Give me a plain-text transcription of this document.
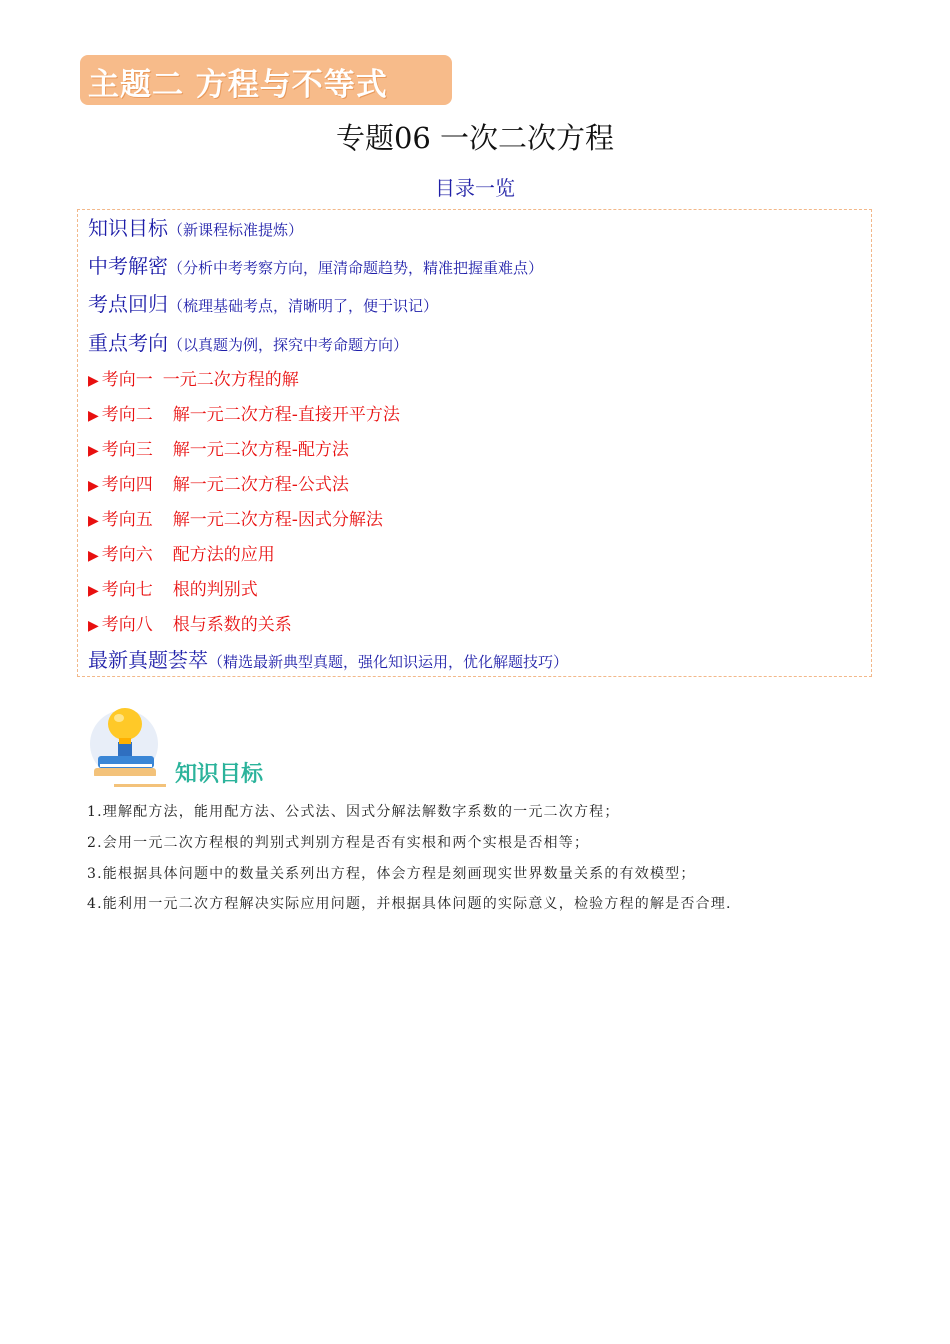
主题二 方程与不等式
专题06 一次二次方程
目录一览
知识目标（新课程标准提炼）
中考解密（分析中考考察方向，厘清命题趋势，精准把握重难点）
考点回归（梳理基础考点，清晰明了，便于识记）
重点考向（以真题为例，探究中考命题方向）
▶ 考向一 一元二次方程的解
▶ 考向二 解一元二次方程-直接开平方法
▶ 考向三 解一元二次方程-配方法
▶ 考向四 解一元二次方程-公式法
▶ 考向五 解一元二次方程-因式分解法
▶ 考向六 配方法的应用
▶ 考向七 根的判别式
▶ 考向八 根与系数的关系
最新真题荟萃（精选最新典型真题，强化知识运用，优化解题技巧）
知识目标
1.理解配方法，能用配方法、公式法、因式分解法解数字系数的一元二次方程；
2.会用一元二次方程根的判别式判别方程是否有实根和两个实根是否相等；
3.能根据具体问题中的数量关系列出方程，体会方程是刻画现实世界数量关系的有效模型；
4.能利用一元二次方程解决实际应用问题，并根据具体问题的实际意义，检验方程的解是否合理.
